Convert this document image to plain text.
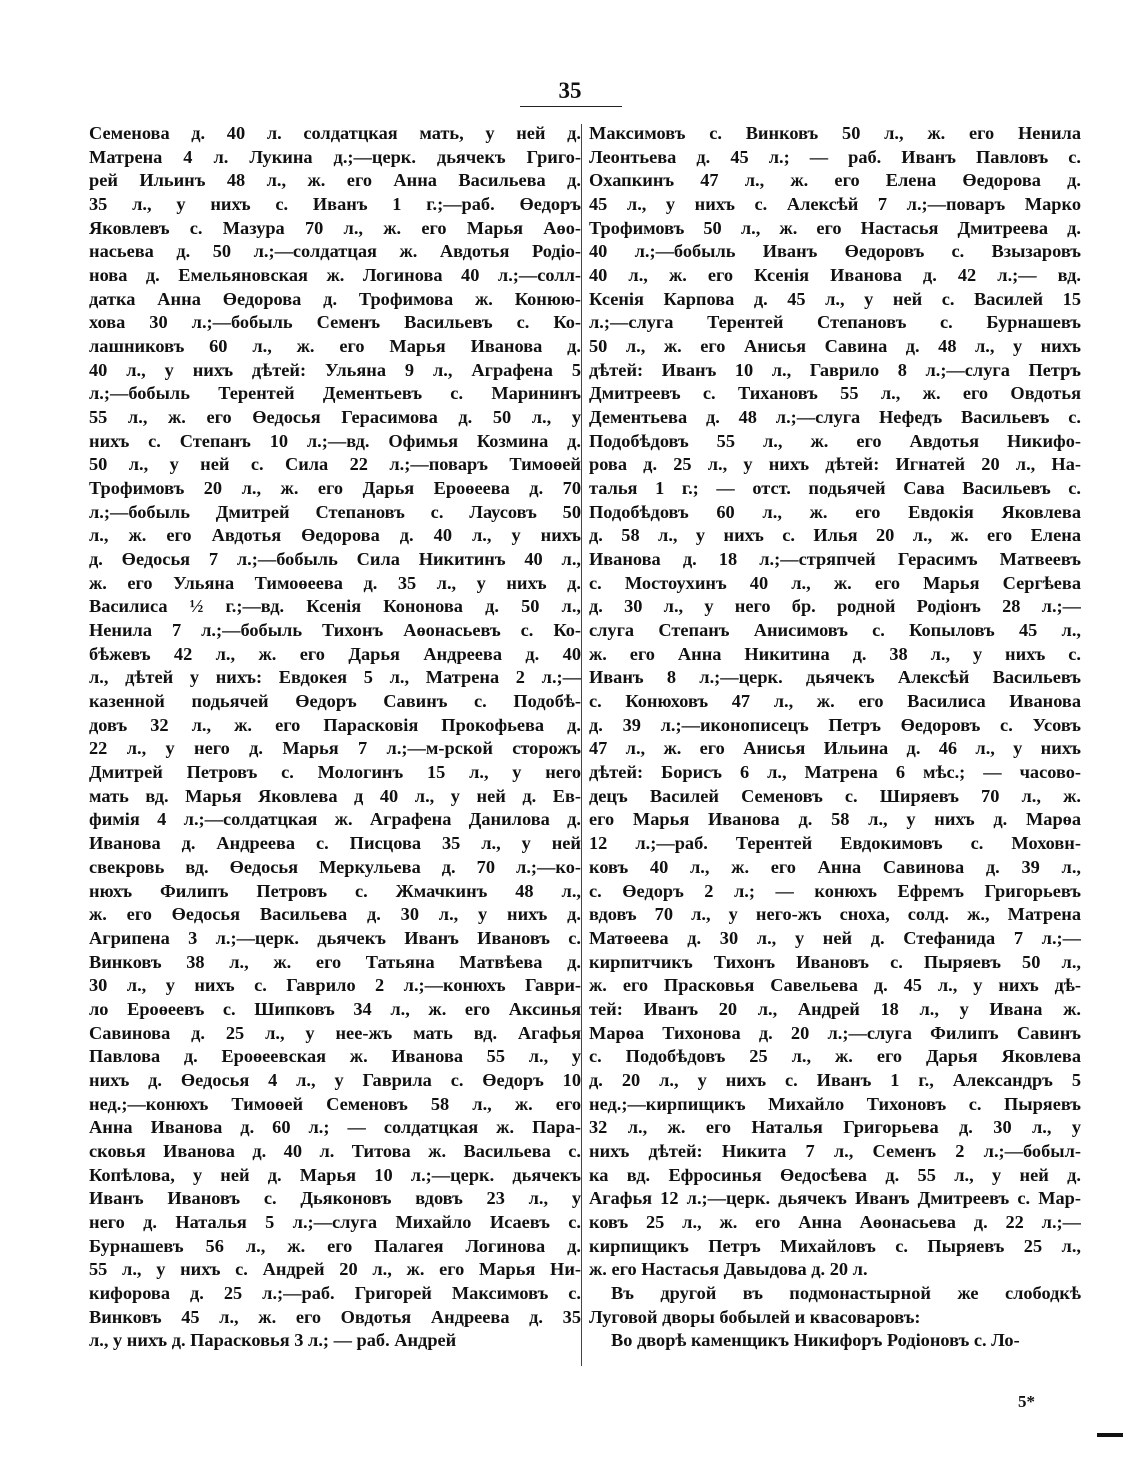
35
Семенова д. 40 л. солдатцкая мать, у ней д.
Матрена 4 л. Лукина д.;—церк. дьячекъ Григо-
рей Ильинъ 48 л., ж. его Анна Васильева д.
35 л., у нихъ с. Иванъ 1 г.;—раб. Өедоръ
Яковлевъ с. Мазура 70 л., ж. его Марья Аөо-
насьева д. 50 л.;—солдатцая ж. Авдотья Родіо-
нова д. Емельяновская ж. Логинова 40 л.;—солл-
датка Анна Өедорова д. Трофимова ж. Конюю-
хова 30 л.;—бобыль Семенъ Васильевъ с. Ко-
лашниковъ 60 л., ж. его Марья Иванова д.
40 л., у нихъ дѣтей: Ульяна 9 л., Аграфена 5
л.;—бобыль Терентей Дементьевъ с. Марининъ
55 л., ж. его Өедосья Герасимова д. 50 л., у
нихъ с. Степанъ 10 л.;—вд. Офимья Козмина д.
50 л., у ней с. Сила 22 л.;—поваръ Тимоөей
Трофимовъ 20 л., ж. его Дарья Ероөеева д. 70
л.;—бобыль Дмитрей Степановъ с. Лаусовъ 50
л., ж. его Авдотья Өедорова д. 40 л., у нихъ
д. Өедосья 7 л.;—бобыль Сила Никитинъ 40 л.,
ж. его Ульяна Тимоөеева д. 35 л., у нихъ д.
Василиса ½ г.;—вд. Ксенія Кононова д. 50 л.,
Ненила 7 л.;—бобыль Тихонъ Аөонасьевъ с. Ко-
бѣжевъ 42 л., ж. его Дарья Андреева д. 40
л., дѣтей у нихъ: Евдокея 5 л., Матрена 2 л.;—
казенной подьячей Өедоръ Савинъ с. Подобѣ-
довъ 32 л., ж. его Парасковія Прокофьева д.
22 л., у него д. Марья 7 л.;—м-рской сторожъ
Дмитрей Петровъ с. Мологинъ 15 л., у него
мать вд. Марья Яковлева д 40 л., у ней д. Ев-
фимія 4 л.;—солдатцкая ж. Аграфена Данилова д.
Иванова д. Андреева с. Писцова 35 л., у ней
свекровь вд. Өедосья Меркульева д. 70 л.;—ко-
нюхъ Филипъ Петровъ с. Жмачкинъ 48 л.,
ж. его Өедосья Васильева д. 30 л., у нихъ д.
Агрипена 3 л.;—церк. дьячекъ Иванъ Ивановъ с.
Винковъ 38 л., ж. его Татьяна Матвѣева д.
30 л., у нихъ с. Гаврило 2 л.;—конюхъ Гаври-
ло Ероөеевъ с. Шипковъ 34 л., ж. его Аксинья
Савинова д. 25 л., у нее-жъ мать вд. Агафья
Павлова д. Ероөеевская ж. Иванова 55 л., у
нихъ д. Өедосья 4 л., у Гаврила с. Өедоръ 10
нед.;—конюхъ Тимоөей Семеновъ 58 л., ж. его
Анна Иванова д. 60 л.; — солдатцкая ж. Пара-
сковья Иванова д. 40 л. Титова ж. Васильева с.
Копѣлова, у ней д. Марья 10 л.;—церк. дьячекъ
Иванъ Ивановъ с. Дьяконовъ вдовъ 23 л., у
него д. Наталья 5 л.;—слуга Михайло Исаевъ с.
Бурнашевъ 56 л., ж. его Палагея Логинова д.
55 л., у нихъ с. Андрей 20 л., ж. его Марья Ни-
кифорова д. 25 л.;—раб. Григорей Максимовъ с.
Винковъ 45 л., ж. его Овдотья Андреева д. 35
л., у нихъ д. Парасковья 3 л.; — раб. Андрей
Максимовъ с. Винковъ 50 л., ж. его Ненила
Леонтьева д. 45 л.; — раб. Иванъ Павловъ с.
Охапкинъ 47 л., ж. его Елена Өедорова д.
45 л., у нихъ с. Алексѣй 7 л.;—поваръ Марко
Трофимовъ 50 л., ж. его Настасья Дмитреева д.
40 л.;—бобыль Иванъ Өедоровъ с. Взызаровъ
40 л., ж. его Ксенія Иванова д. 42 л.;— вд.
Ксенія Карпова д. 45 л., у ней с. Василей 15
л.;—слуга Терентей Степановъ с. Бурнашевъ
50 л., ж. его Анисья Савина д. 48 л., у нихъ
дѣтей: Иванъ 10 л., Гаврило 8 л.;—слуга Петръ
Дмитреевъ с. Тихановъ 55 л., ж. его Овдотья
Дементьева д. 48 л.;—слуга Нефедъ Васильевъ с.
Подобѣдовъ 55 л., ж. его Авдотья Никифо-
рова д. 25 л., у нихъ дѣтей: Игнатей 20 л., На-
талья 1 г.; — отст. подьячей Сава Васильевъ с.
Подобѣдовъ 60 л., ж. его Евдокія Яковлева
д. 58 л., у нихъ с. Илья 20 л., ж. его Елена
Иванова д. 18 л.;—стряпчей Герасимъ Матвеевъ
с. Мостоухинъ 40 л., ж. его Марья Сергѣева
д. 30 л., у него бр. родной Родіонъ 28 л.;—
слуга Степанъ Анисимовъ с. Копыловъ 45 л.,
ж. его Анна Никитина д. 38 л., у нихъ с.
Иванъ 8 л.;—церк. дьячекъ Алексѣй Васильевъ
с. Конюховъ 47 л., ж. его Василиса Иванова
д. 39 л.;—иконописецъ Петръ Өедоровъ с. Усовъ
47 л., ж. его Анисья Ильина д. 46 л., у нихъ
дѣтей: Борисъ 6 л., Матрена 6 мѣс.; — часово-
децъ Василей Семеновъ с. Ширяевъ 70 л., ж.
его Марья Иванова д. 58 л., у нихъ д. Марөа
12 л.;—раб. Терентей Евдокимовъ с. Моховн-
ковъ 40 л., ж. его Анна Савинова д. 39 л.,
с. Өедоръ 2 л.; — конюхъ Ефремъ Григорьевъ
вдовъ 70 л., у него-жъ сноха, солд. ж., Матрена
Матөеева д. 30 л., у ней д. Стефанида 7 л.;—
кирпитчикъ Тихонъ Ивановъ с. Пыряевъ 50 л.,
ж. его Прасковья Савельева д. 45 л., у нихъ дѣ-
тей: Иванъ 20 л., Андрей 18 л., у Ивана ж.
Марөа Тихонова д. 20 л.;—слуга Филипъ Савинъ
с. Подобѣдовъ 25 л., ж. его Дарья Яковлева
д. 20 л., у нихъ с. Иванъ 1 г., Александръ 5
нед.;—кирпищикъ Михайло Тихоновъ с. Пыряевъ
32 л., ж. его Наталья Григорьева д. 30 л., у
нихъ дѣтей: Никита 7 л., Семенъ 2 л.;—бобыл-
ка вд. Ефросинья Өедосѣева д. 55 л., у ней д.
Агафья 12 л.;—церк. дьячекъ Иванъ Дмитреевъ с. Мар-
ковъ 25 л., ж. его Анна Аөонасьева д. 22 л.;—
кирпищикъ Петръ Михайловъ с. Пыряевъ 25 л.,
ж. его Настасья Давыдова д. 20 л.
Въ другой въ подмонастырной же слободкѣ
Луговой дворы бобылей и квасоваровъ:
Во дворѣ каменщикъ Никифоръ Родіоновъ с. Ло-
5*
